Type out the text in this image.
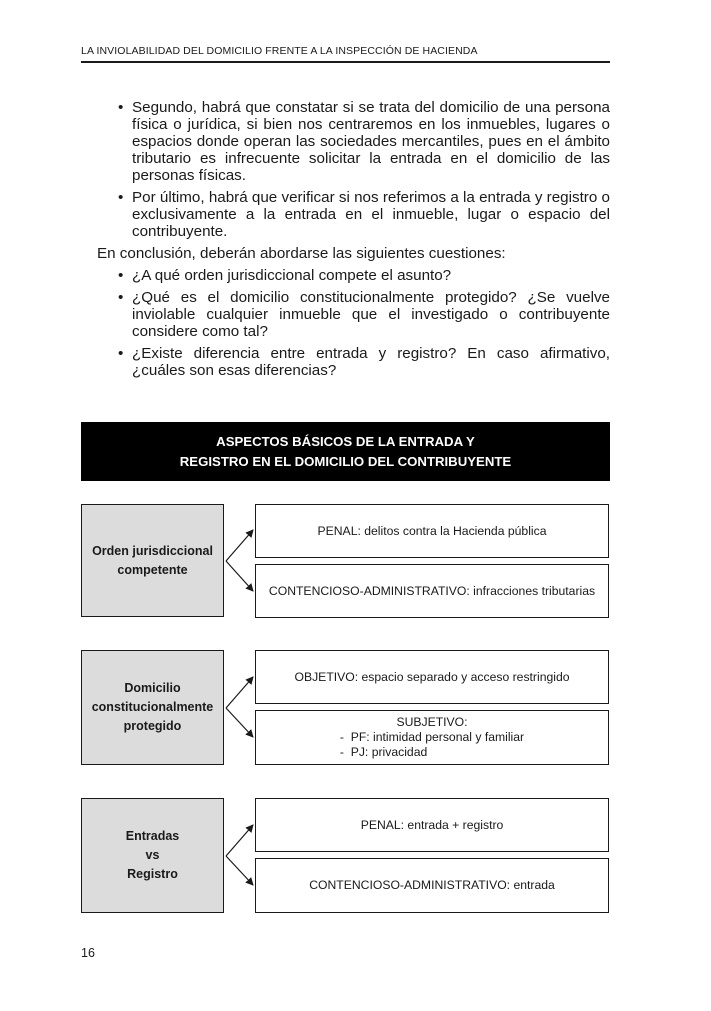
LA INVIOLABILIDAD DEL DOMICILIO FRENTE A LA INSPECCIÓN DE HACIENDA
• Segundo, habrá que constatar si se trata del domicilio de una persona física o jurídica, si bien nos centraremos en los inmuebles, lugares o espacios donde operan las sociedades mercantiles, pues en el ámbito tributario es infrecuente solicitar la entrada en el domicilio de las personas físicas.
• Por último, habrá que verificar si nos referimos a la entrada y registro o exclusivamente a la entrada en el inmueble, lugar o espacio del contribuyente.

En conclusión, deberán abordarse las siguientes cuestiones:

• ¿A qué orden jurisdiccional compete el asunto?
• ¿Qué es el domicilio constitucionalmente protegido? ¿Se vuelve inviolable cualquier inmueble que el investigado o contribuyente considere como tal?
• ¿Existe diferencia entre entrada y registro? En caso afirmativo, ¿cuáles son esas diferencias?
ASPECTOS BÁSICOS DE LA ENTRADA Y
REGISTRO EN EL DOMICILIO DEL CONTRIBUYENTE
Orden jurisdiccional
competente
PENAL: delitos contra la Hacienda pública
CONTENCIOSO-ADMINISTRATIVO: infracciones tributarias
Domicilio
constitucionalmente
protegido
OBJETIVO: espacio separado y acceso restringido
SUBJETIVO:
-  PF: intimidad personal y familiar
-  PJ: privacidad
Entradas
vs
Registro
PENAL: entrada + registro
CONTENCIOSO-ADMINISTRATIVO: entrada
16
